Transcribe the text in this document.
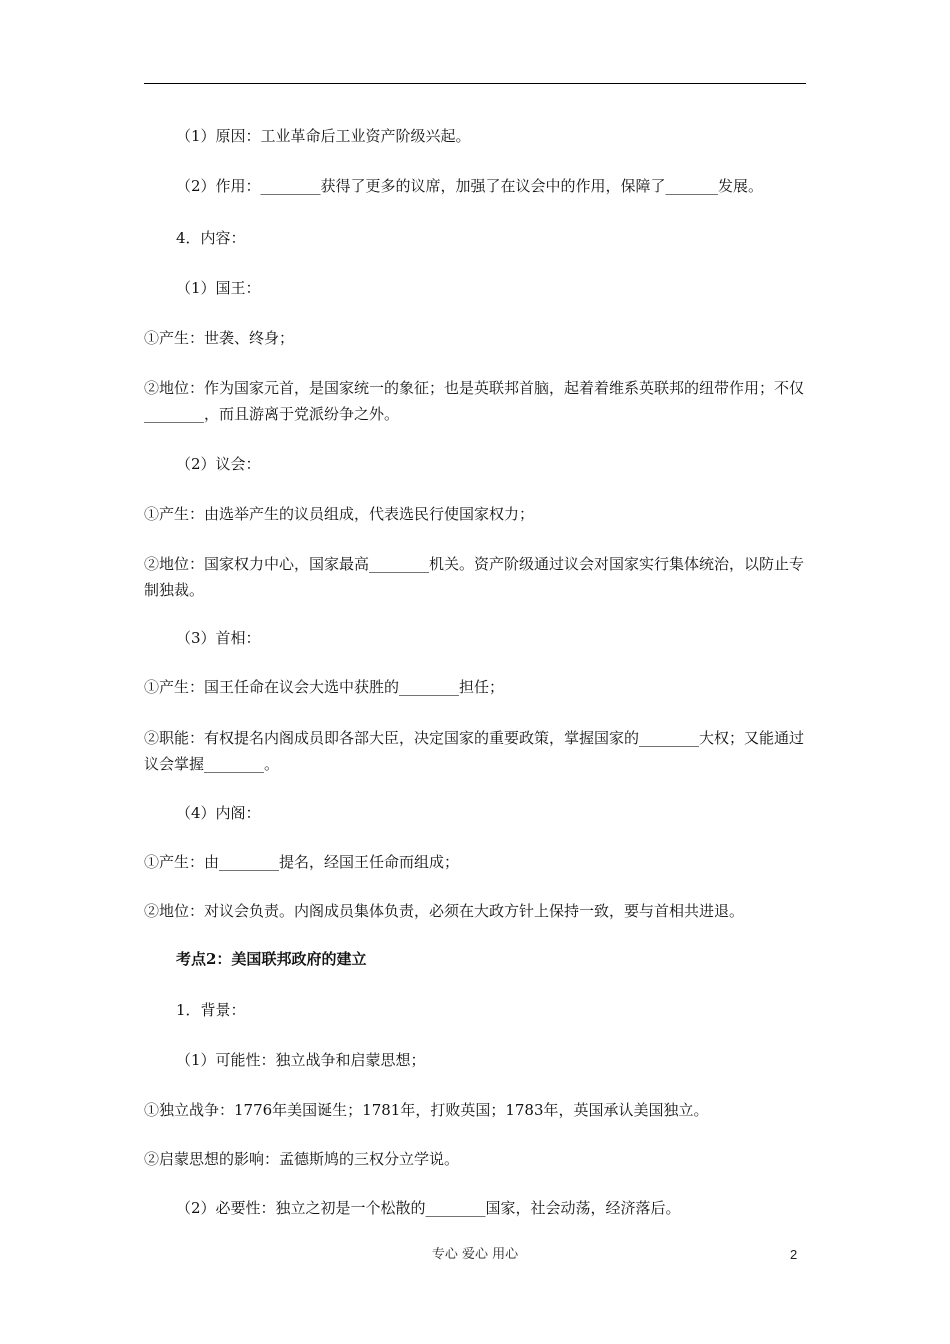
（1）原因：工业革命后工业资产阶级兴起。
（2）作用：________获得了更多的议席，加强了在议会中的作用，保障了_______发展。
4．内容：
（1）国王：
①产生：世袭、终身；
②地位：作为国家元首，是国家统一的象征；也是英联邦首脑，起着着维系英联邦的纽带作用；不仅________，而且游离于党派纷争之外。
（2）议会：
①产生：由选举产生的议员组成，代表选民行使国家权力；
②地位：国家权力中心，国家最高________机关。资产阶级通过议会对国家实行集体统治，以防止专制独裁。
（3）首相：
①产生：国王任命在议会大选中获胜的________担任；
②职能：有权提名内阁成员即各部大臣，决定国家的重要政策，掌握国家的________大权；又能通过议会掌握________。
（4）内阁：
①产生：由________提名，经国王任命而组成；
②地位：对议会负责。内阁成员集体负责，必须在大政方针上保持一致，要与首相共进退。
考点2：美国联邦政府的建立
1．背景：
（1）可能性：独立战争和启蒙思想；
①独立战争：1776年美国诞生；1781年，打败英国；1783年，英国承认美国独立。
②启蒙思想的影响：孟德斯鸠的三权分立学说。
（2）必要性：独立之初是一个松散的________国家，社会动荡，经济落后。
专心 爱心 用心	2
